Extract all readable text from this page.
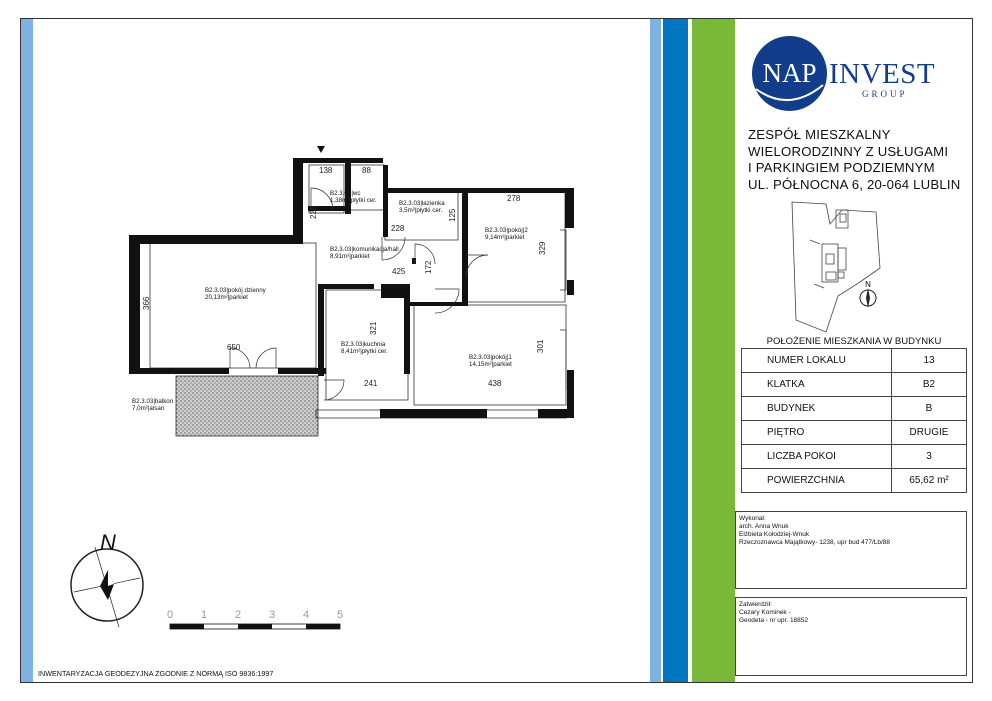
NAP INVEST
GROUP
ZESPÓŁ MIESZKALNY
WIELORODZINNY Z USŁUGAMI
I PARKINGIEM PODZIEMNYM
UL. PÓŁNOCNA 6, 20-064 LUBLIN
N
POŁOŻENIE MIESZKANIA W BUDYNKU
NUMER LOKALU	13
KLATKA	B2
BUDYNEK	B
PIĘTRO	DRUGIE
LICZBA POKOI	3
POWIERZCHNIA	65,62 m²
Wykonał:
arch. Anna Wnuk
Elżbieta Kołodziej-Wnuk
Rzeczoznawca Majątkowy- 1238, upr bud 477/Lb/88
Zatwierdził:
Cezary Kominek -
Geodeta - nr upr. 18852
B2.3.03|wc
1,38m²|płytki cer.	B2.3.03|łazienka
3,5m²|płytki cer.
B2.3.03|pokój|2
9,14m²|parkiet
B2.3.03|komunikacja/hall
8,91m²|parkiet
B2.3.03|pokój dzienny
20,13m²|parkiet
B2.3.03|kuchnia
8,41m²|płytki cer.
B2.3.03|pokój|1
14,15m²|parkiet
B2.3.03|balkon
7,0m²|alsan
138	88
229
228
125
278
329
425 172
366
650
321
301
241	438
N
0	1	2	3	4	5
INWENTARYZACJA GEODEZYJNA ZGODNIE Z NORMĄ ISO 9836:1997
